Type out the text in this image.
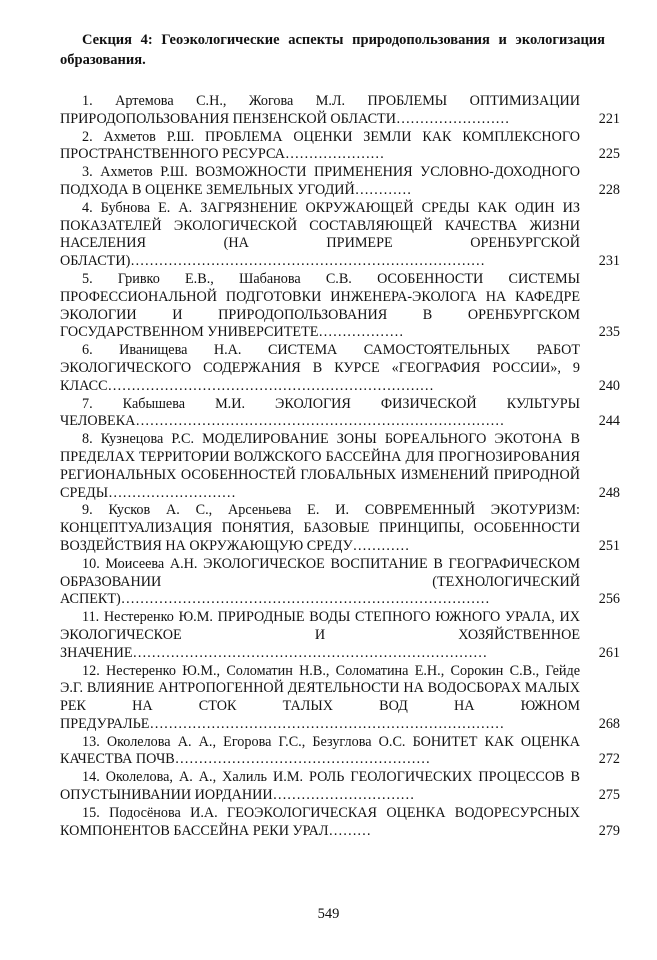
Секция 4: Геоэкологические аспекты природопользования и экологизация образования.
1. Артемова С.Н., Жогова М.Л. ПРОБЛЕМЫ ОПТИМИЗАЦИИ ПРИРОДОПОЛЬЗОВАНИЯ ПЕНЗЕНСКОЙ ОБЛАСТИ……………………	221
2. Ахметов Р.Ш. ПРОБЛЕМА ОЦЕНКИ ЗЕМЛИ КАК КОМПЛЕКСНОГО ПРОСТРАНСТВЕННОГО РЕСУРСА…………………	225
3. Ахметов Р.Ш. ВОЗМОЖНОСТИ ПРИМЕНЕНИЯ УСЛОВНО-ДОХОДНОГО ПОДХОДА В ОЦЕНКЕ ЗЕМЕЛЬНЫХ УГОДИЙ…………	228
4. Бубнова Е. А. ЗАГРЯЗНЕНИЕ ОКРУЖАЮЩЕЙ СРЕДЫ КАК ОДИН ИЗ ПОКАЗАТЕЛЕЙ ЭКОЛОГИЧЕСКОЙ СОСТАВЛЯЮЩЕЙ КАЧЕСТВА ЖИЗНИ НАСЕЛЕНИЯ (НА ПРИМЕРЕ ОРЕНБУРГСКОЙ ОБЛАСТИ)…………………………………………………………………	231
5. Гривко Е.В., Шабанова С.В. ОСОБЕННОСТИ СИСТЕМЫ ПРОФЕССИОНАЛЬНОЙ ПОДГОТОВКИ ИНЖЕНЕРА-ЭКОЛОГА НА КАФЕДРЕ ЭКОЛОГИИ И ПРИРОДОПОЛЬЗОВАНИЯ В ОРЕНБУРГСКОМ ГОСУДАРСТВЕННОМ УНИВЕРСИТЕТЕ………………	235
6. Иванищева Н.А. СИСТЕМА САМОСТОЯТЕЛЬНЫХ РАБОТ ЭКОЛОГИЧЕСКОГО СОДЕРЖАНИЯ В КУРСЕ «ГЕОГРАФИЯ РОССИИ», 9 КЛАСС……………………………………………………………	240
7. Кабышева М.И. ЭКОЛОГИЯ ФИЗИЧЕСКОЙ КУЛЬТУРЫ ЧЕЛОВЕКА……………………………………………………………………	244
8. Кузнецова Р.С. МОДЕЛИРОВАНИЕ ЗОНЫ БОРЕАЛЬНОГО ЭКОТОНА В ПРЕДЕЛАХ ТЕРРИТОРИИ ВОЛЖСКОГО БАССЕЙНА ДЛЯ ПРОГНОЗИРОВАНИЯ РЕГИОНАЛЬНЫХ ОСОБЕННОСТЕЙ ГЛОБАЛЬНЫХ ИЗМЕНЕНИЙ ПРИРОДНОЙ СРЕДЫ………………………	248
9. Кусков А. С., Арсеньева Е. И. СОВРЕМЕННЫЙ ЭКОТУРИЗМ: КОНЦЕПТУАЛИЗАЦИЯ ПОНЯТИЯ, БАЗОВЫЕ ПРИНЦИПЫ, ОСОБЕННОСТИ ВОЗДЕЙСТВИЯ НА ОКРУЖАЮЩУЮ СРЕДУ…………	251
10. Моисеева А.Н. ЭКОЛОГИЧЕСКОЕ ВОСПИТАНИЕ В ГЕОГРАФИЧЕСКОМ ОБРАЗОВАНИИ (ТЕХНОЛОГИЧЕСКИЙ АСПЕКТ)……………………………………………………………………	256
11. Нестеренко Ю.М. ПРИРОДНЫЕ ВОДЫ СТЕПНОГО ЮЖНОГО УРАЛА, ИХ ЭКОЛОГИЧЕСКОЕ И ХОЗЯЙСТВЕННОЕ ЗНАЧЕНИЕ…………………………………………………………………	261
12. Нестеренко Ю.М., Соломатин Н.В., Соломатина Е.Н., Сорокин С.В., Гейде Э.Г. ВЛИЯНИЕ АНТРОПОГЕННОЙ ДЕЯТЕЛЬНОСТИ НА ВОДОСБОРАХ МАЛЫХ РЕК НА СТОК ТАЛЫХ ВОД НА ЮЖНОМ ПРЕДУРАЛЬЕ…………………………………………………………………	268
13. Околелова А. А., Егорова Г.С., Безуглова О.С. БОНИТЕТ КАК ОЦЕНКА КАЧЕСТВА ПОЧВ………………………………………………	272
14. Околелова, А. А., Халиль И.М. РОЛЬ ГЕОЛОГИЧЕСКИХ ПРОЦЕССОВ В ОПУСТЫНИВАНИИ ИОРДАНИИ…………………………	275
15. Подосёнова И.А. ГЕОЭКОЛОГИЧЕСКАЯ ОЦЕНКА ВОДОРЕСУРСНЫХ КОМПОНЕНТОВ БАССЕЙНА РЕКИ УРАЛ………	279
549
